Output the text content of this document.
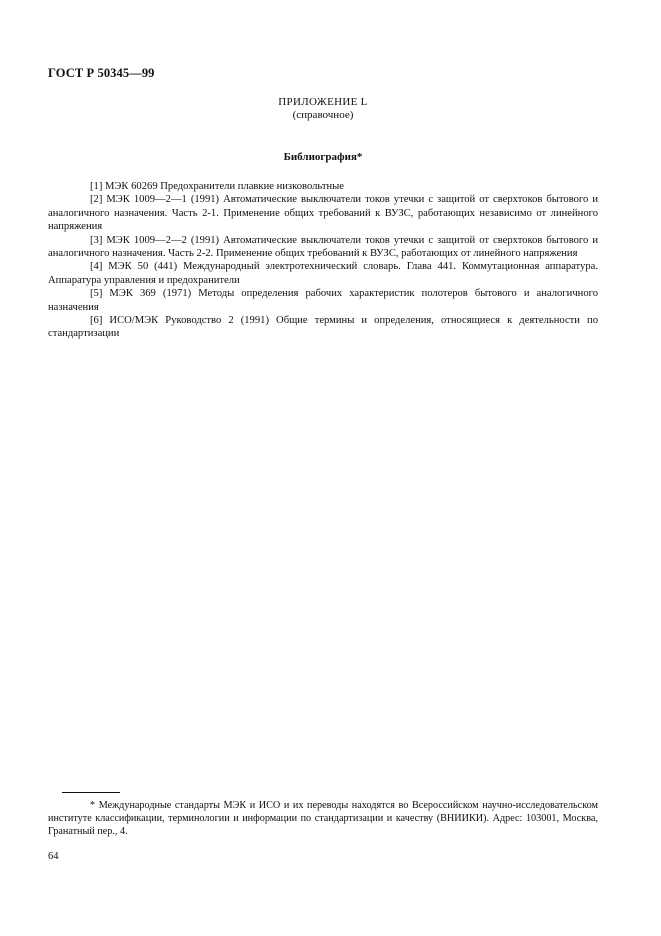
ГОСТ Р 50345—99
ПРИЛОЖЕНИЕ L
(справочное)
Библиография*

[1] МЭК 60269 Предохранители плавкие низковольтные

[2] МЭК 1009—2—1 (1991) Автоматические выключатели токов утечки с защитой от сверхтоков бытового и аналогичного назначения. Часть 2-1. Применение общих требований к ВУЗС, работающих независимо от линейного напряжения

[3] МЭК 1009—2—2 (1991) Автоматические выключатели токов утечки с защитой от сверхтоков бытового и аналогичного назначения. Часть 2-2. Применение общих требований к ВУЗС, работающих от линейного напряжения

[4] МЭК 50 (441) Международный электротехнический словарь. Глава 441. Коммутационная аппаратура. Аппаратура управления и предохранители

[5] МЭК 369 (1971) Методы определения рабочих характеристик полотеров бытового и аналогичного назначения

[6] ИСО/МЭК Руководство 2 (1991) Общие термины и определения, относящиеся к деятельности по стандартизации

* Международные стандарты МЭК и ИСО и их переводы находятся во Всероссийском научно-исследовательском институте классификации, терминологии и информации по стандартизации и качеству (ВНИИКИ). Адрес: 103001, Москва, Гранатный пер., 4.

64
